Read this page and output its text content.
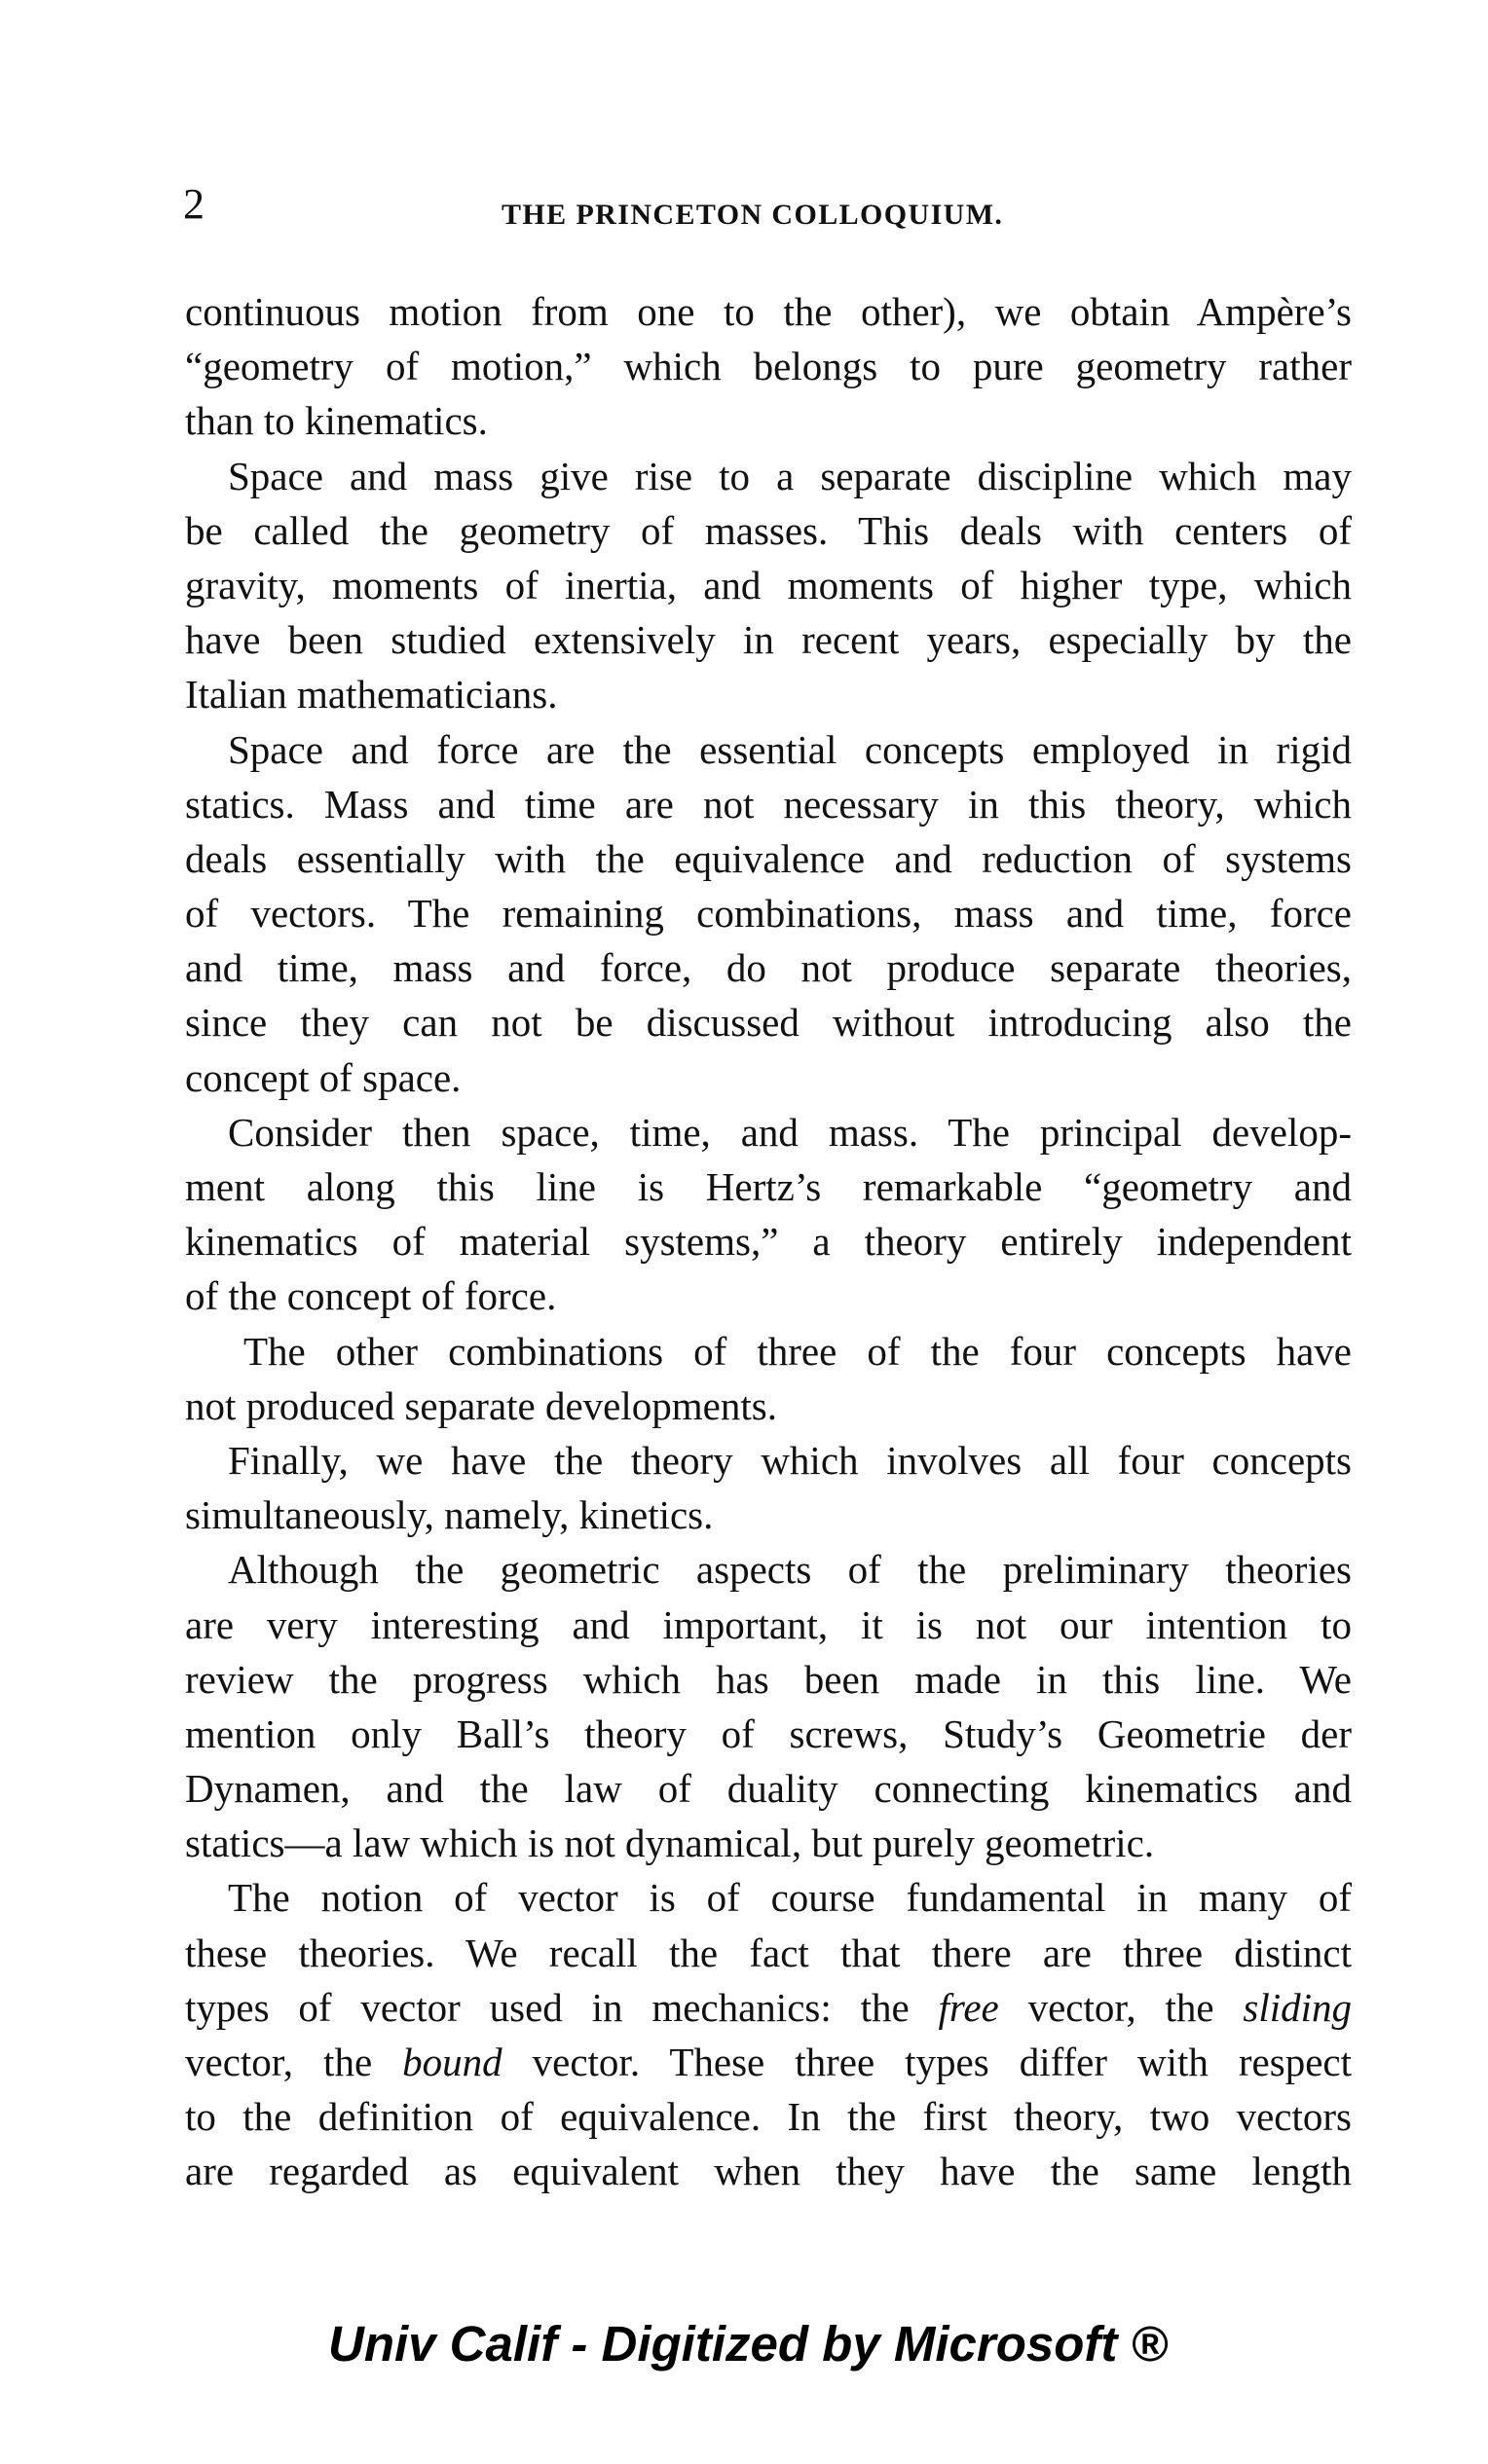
2	THE PRINCETON COLLOQUIUM.
continuous motion from one to the other), we obtain Ampère’s
“geometry of motion,” which belongs to pure geometry rather
than to kinematics.
Space and mass give rise to a separate discipline which may
be called the geometry of masses. This deals with centers of
gravity, moments of inertia, and moments of higher type, which
have been studied extensively in recent years, especially by the
Italian mathematicians.
Space and force are the essential concepts employed in rigid
statics. Mass and time are not necessary in this theory, which
deals essentially with the equivalence and reduction of systems
of vectors. The remaining combinations, mass and time, force
and time, mass and force, do not produce separate theories,
since they can not be discussed without introducing also the
concept of space.
Consider then space, time, and mass. The principal develop-
ment along this line is Hertz’s remarkable “geometry and
kinematics of material systems,” a theory entirely independent
of the concept of force.
The other combinations of three of the four concepts have
not produced separate developments.
Finally, we have the theory which involves all four concepts
simultaneously, namely, kinetics.
Although the geometric aspects of the preliminary theories
are very interesting and important, it is not our intention to
review the progress which has been made in this line. We
mention only Ball’s theory of screws, Study’s Geometrie der
Dynamen, and the law of duality connecting kinematics and
statics—a law which is not dynamical, but purely geometric.
The notion of vector is of course fundamental in many of
these theories. We recall the fact that there are three distinct
types of vector used in mechanics: the free vector, the sliding
vector, the bound vector. These three types differ with respect
to the definition of equivalence. In the first theory, two vectors
are regarded as equivalent when they have the same length
Univ Calif - Digitized by Microsoft ®
